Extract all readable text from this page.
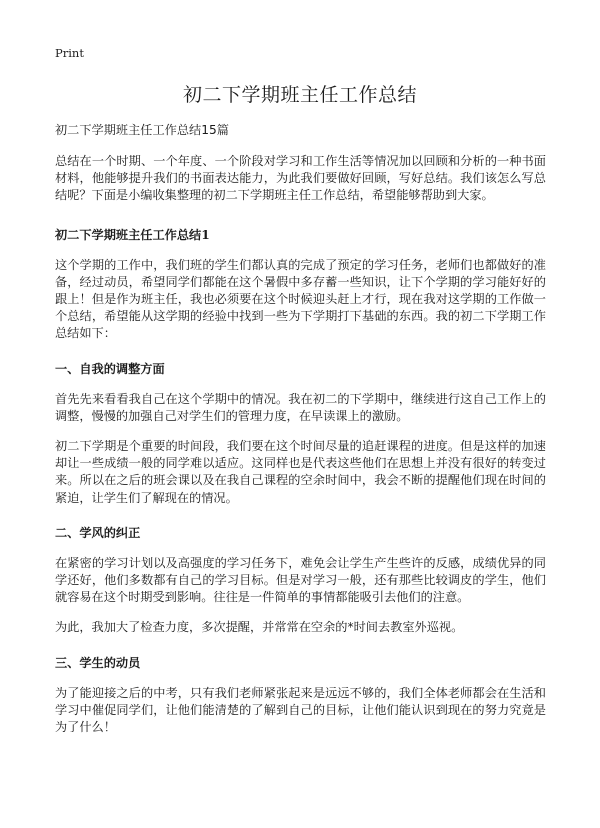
Print
初二下学期班主任工作总结

初二下学期班主任工作总结15篇

总结在一个时期、一个年度、一个阶段对学习和工作生活等情况加以回顾和分析的一种书面材料，他能够提升我们的书面表达能力，为此我们要做好回顾，写好总结。我们该怎么写总结呢？下面是小编收集整理的初二下学期班主任工作总结，希望能够帮助到大家。

初二下学期班主任工作总结1

这个学期的工作中，我们班的学生们都认真的完成了预定的学习任务，老师们也都做好的准备，经过动员，希望同学们都能在这个暑假中多存蓄一些知识，让下个学期的学习能好好的跟上！但是作为班主任，我也必须要在这个时候迎头赶上才行，现在我对这学期的工作做一个总结，希望能从这学期的经验中找到一些为下学期打下基础的东西。我的初二下学期工作总结如下：

一、自我的调整方面

首先先来看看我自己在这个学期中的情况。我在初二的下学期中，继续进行这自己工作上的调整，慢慢的加强自己对学生们的管理力度，在早读课上的激励。

初二下学期是个重要的时间段，我们要在这个时间尽量的追赶课程的进度。但是这样的加速却让一些成绩一般的同学难以适应。这同样也是代表这些他们在思想上并没有很好的转变过来。所以在之后的班会课以及在我自己课程的空余时间中，我会不断的提醒他们现在时间的紧迫，让学生们了解现在的情况。

二、学风的纠正

在紧密的学习计划以及高强度的学习任务下，难免会让学生产生些许的反感，成绩优异的同学还好，他们多数都有自己的学习目标。但是对学习一般，还有那些比较调皮的学生，他们就容易在这个时期受到影响。往往是一件简单的事情都能吸引去他们的注意。

为此，我加大了检查力度，多次提醒，并常常在空余的*时间去教室外巡视。

三、学生的动员

为了能迎接之后的中考，只有我们老师紧张起来是远远不够的，我们全体老师都会在生活和学习中催促同学们，让他们能清楚的了解到自己的目标，让他们能认识到现在的努力究竟是为了什么！
